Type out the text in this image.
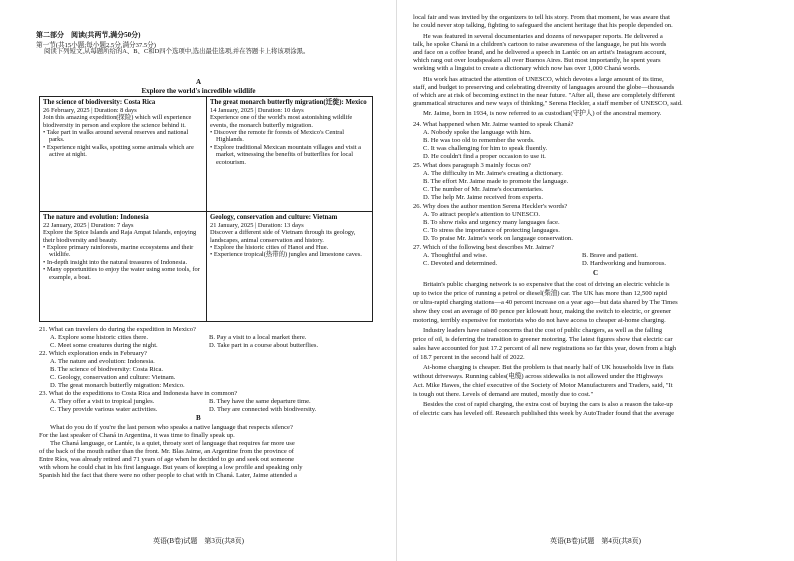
第二部分　阅读(共两节,满分50分)
第一节(共15小题;每小题2.5分,满分37.5分)
阅读下列短文,从每题所给的A、B、C和D四个选项中,选出最佳选项,并在答题卡上将该项涂黑。
A
Explore the world's incredible wildlife
The science of biodiversity: Costa Rica
26 February, 2025 | Duration: 8 days
Join this amazing expedition(探险) which will experience biodiversity in person and explore the science behind it.
• Take part in walks around several reserves and national parks.
• Experience night walks, spotting some animals which are active at night.
The great monarch butterfly migration(迁徙): Mexico
14 January, 2025 | Duration: 10 days
Experience one of the world's most astonishing wildlife events, the monarch butterfly migration.
• Discover the remote fir forests of Mexico's Central Highlands.
• Explore traditional Mexican mountain villages and visit a market, witnessing the benefits of butterflies for local ecotourism.
The nature and evolution: Indonesia
22 January, 2025 | Duration: 7 days
Explore the Spice Islands and Raja Ampat Islands, enjoying their biodiversity and beauty.
• Explore primary rainforests, marine ecosystems and their wildlife.
• In-depth insight into the natural treasures of Indonesia.
• Many opportunities to enjoy the water using some tools, for example, a boat.
Geology, conservation and culture: Vietnam
21 January, 2025 | Duration: 13 days
Discover a different side of Vietnam through its geology, landscapes, animal conservation and history.
• Explore the historic cities of Hanoi and Hue.
• Experience tropical(热带的) jungles and limestone caves.
21. What can travelers do during the expedition in Mexico?
A. Explore some historic cities there.	B. Pay a visit to a local market there.
C. Meet some creatures during the night.	D. Take part in a course about butterflies.
22. Which exploration ends in February?
A. The nature and evolution: Indonesia.
B. The science of biodiversity: Costa Rica.
C. Geology, conservation and culture: Vietnam.
D. The great monarch butterfly migration: Mexico.
23. What do the expeditions to Costa Rica and Indonesia have in common?
A. They offer a visit to tropical jungles.	B. They have the same departure time.
C. They provide various water activities.	D. They are connected with biodiversity.
B
What do you do if you're the last person who speaks a native language that respects silence?
For the last speaker of Chaná in Argentina, it was time to finally speak up.
The Chaná language, or Lantéc, is a quiet, throaty sort of language that requires far more use
of the back of the mouth rather than the front. Mr. Blas Jaime, an Argentine from the province of
Entre Ríos, was already retired and 71 years of age when he decided to go and seek out someone
with whom he could chat in his first language. But years of keeping a low profile and speaking only
Spanish hid the fact that there were no other people to chat with in Chaná. Later, Jaime attended a
英语(B卷)试题　第3页(共8页)
local fair and was invited by the organizers to tell his story. From that moment, he was aware that
he could never stop talking, fighting to safeguard the ancient heritage that his people depended on.
He was featured in several documentaries and dozens of newspaper reports. He delivered a
talk, he spoke Chaná in a children's cartoon to raise awareness of the language, he put his words
and face on a coffee brand, and he delivered a speech in Lantéc on an artist's Instagram account,
which rang out over loudspeakers all over Buenos Aires. But most importantly, he spent years
working with a linguist to create a dictionary which now has over 1,000 Chaná words.
His work has attracted the attention of UNESCO, which devotes a large amount of its time,
staff, and budget to preserving and celebrating diversity of languages around the globe—thousands
of which are at risk of becoming extinct in the near future. "After all, these are completely different
grammatical structures and new ways of thinking," Serena Heckler, a staff member of UNESCO, said.
Mr. Jaime, born in 1934, is now referred to as custodian(守护人) of the ancestral memory.
24. What happened when Mr. Jaime wanted to speak Chaná?
A. Nobody spoke the language with him.
B. He was too old to remember the words.
C. It was challenging for him to speak fluently.
D. He couldn't find a proper occasion to use it.
25. What does paragraph 3 mainly focus on?
A. The difficulty in Mr. Jaime's creating a dictionary.
B. The effort Mr. Jaime made to promote the language.
C. The number of Mr. Jaime's documentaries.
D. The help Mr. Jaime received from experts.
26. Why does the author mention Serena Heckler's words?
A. To attract people's attention to UNESCO.
B. To show risks and urgency many languages face.
C. To stress the importance of protecting languages.
D. To praise Mr. Jaime's work on language conservation.
27. Which of the following best describes Mr. Jaime?
A. Thoughtful and wise.	B. Brave and patient.
C. Devoted and determined.	D. Hardworking and humorous.
C
Britain's public charging network is so expensive that the cost of driving an electric vehicle is
up to twice the price of running a petrol or diesel(柴油) car. The UK has more than 12,500 rapid
or ultra-rapid charging stations—a 40 percent increase on a year ago—but data shared by The Times
show they cost an average of 80 pence per kilowatt hour, making the switch to electric, or greener
motoring, terribly expensive for motorists who do not have access to cheaper at-home charging.
Industry leaders have raised concerns that the cost of public chargers, as well as the falling
price of oil, is deferring the transition to greener motoring. The latest figures show that electric car
sales have accounted for just 17.2 percent of all new registrations so far this year, down from a high
of 18.7 percent in the second half of 2022.
At-home charging is cheaper. But the problem is that nearly half of UK households live in flats
without driveways. Running cables(电缆) across sidewalks is not allowed under the Highways
Act. Mike Hawes, the chief executive of the Society of Motor Manufacturers and Traders, said, "It
is tough out there. Levels of demand are muted, mostly due to cost."
Besides the cost of rapid charging, the extra cost of buying the cars is also a reason the take-up
of electric cars has leveled off. Research published this week by AutoTrader found that the average
英语(B卷)试题　第4页(共8页)
